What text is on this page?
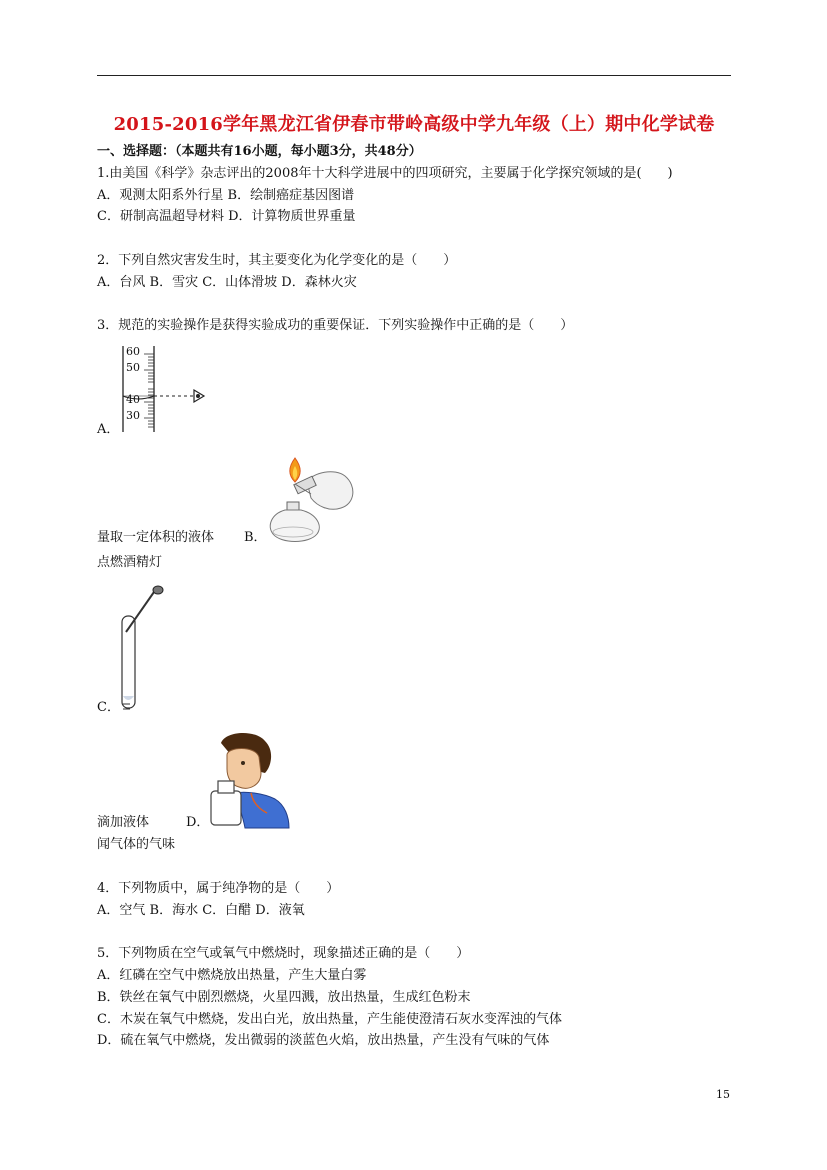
2015-2016学年黑龙江省伊春市带岭高级中学九年级（上）期中化学试卷
一、选择题：（本题共有16小题，每小题3分，共48分）
1.由美国《科学》杂志评出的2008年十大科学进展中的四项研究，主要属于化学探究领域的是(　　)
A．观测太阳系外行星 B．绘制癌症基因图谱
C．研制高温超导材料 D．计算物质世界重量
2．下列自然灾害发生时，其主要变化为化学变化的是（　　）
A．台风 B．雪灾 C．山体滑坡 D．森林火灾
3．规范的实验操作是获得实验成功的重要保证．下列实验操作中正确的是（　　）
60
50
40
30
A．
量取一定体积的液体 B．
点燃酒精灯
C．
滴加液体	D．
闻气体的气味
4．下列物质中，属于纯净物的是（　　）
A．空气 B．海水 C．白醋 D．液氧
5．下列物质在空气或氧气中燃烧时，现象描述正确的是（　　）
A．红磷在空气中燃烧放出热量，产生大量白雾
B．铁丝在氧气中剧烈燃烧，火星四溅，放出热量，生成红色粉末
C．木炭在氧气中燃烧，发出白光，放出热量，产生能使澄清石灰水变浑浊的气体
D．硫在氧气中燃烧，发出微弱的淡蓝色火焰，放出热量，产生没有气味的气体
15
